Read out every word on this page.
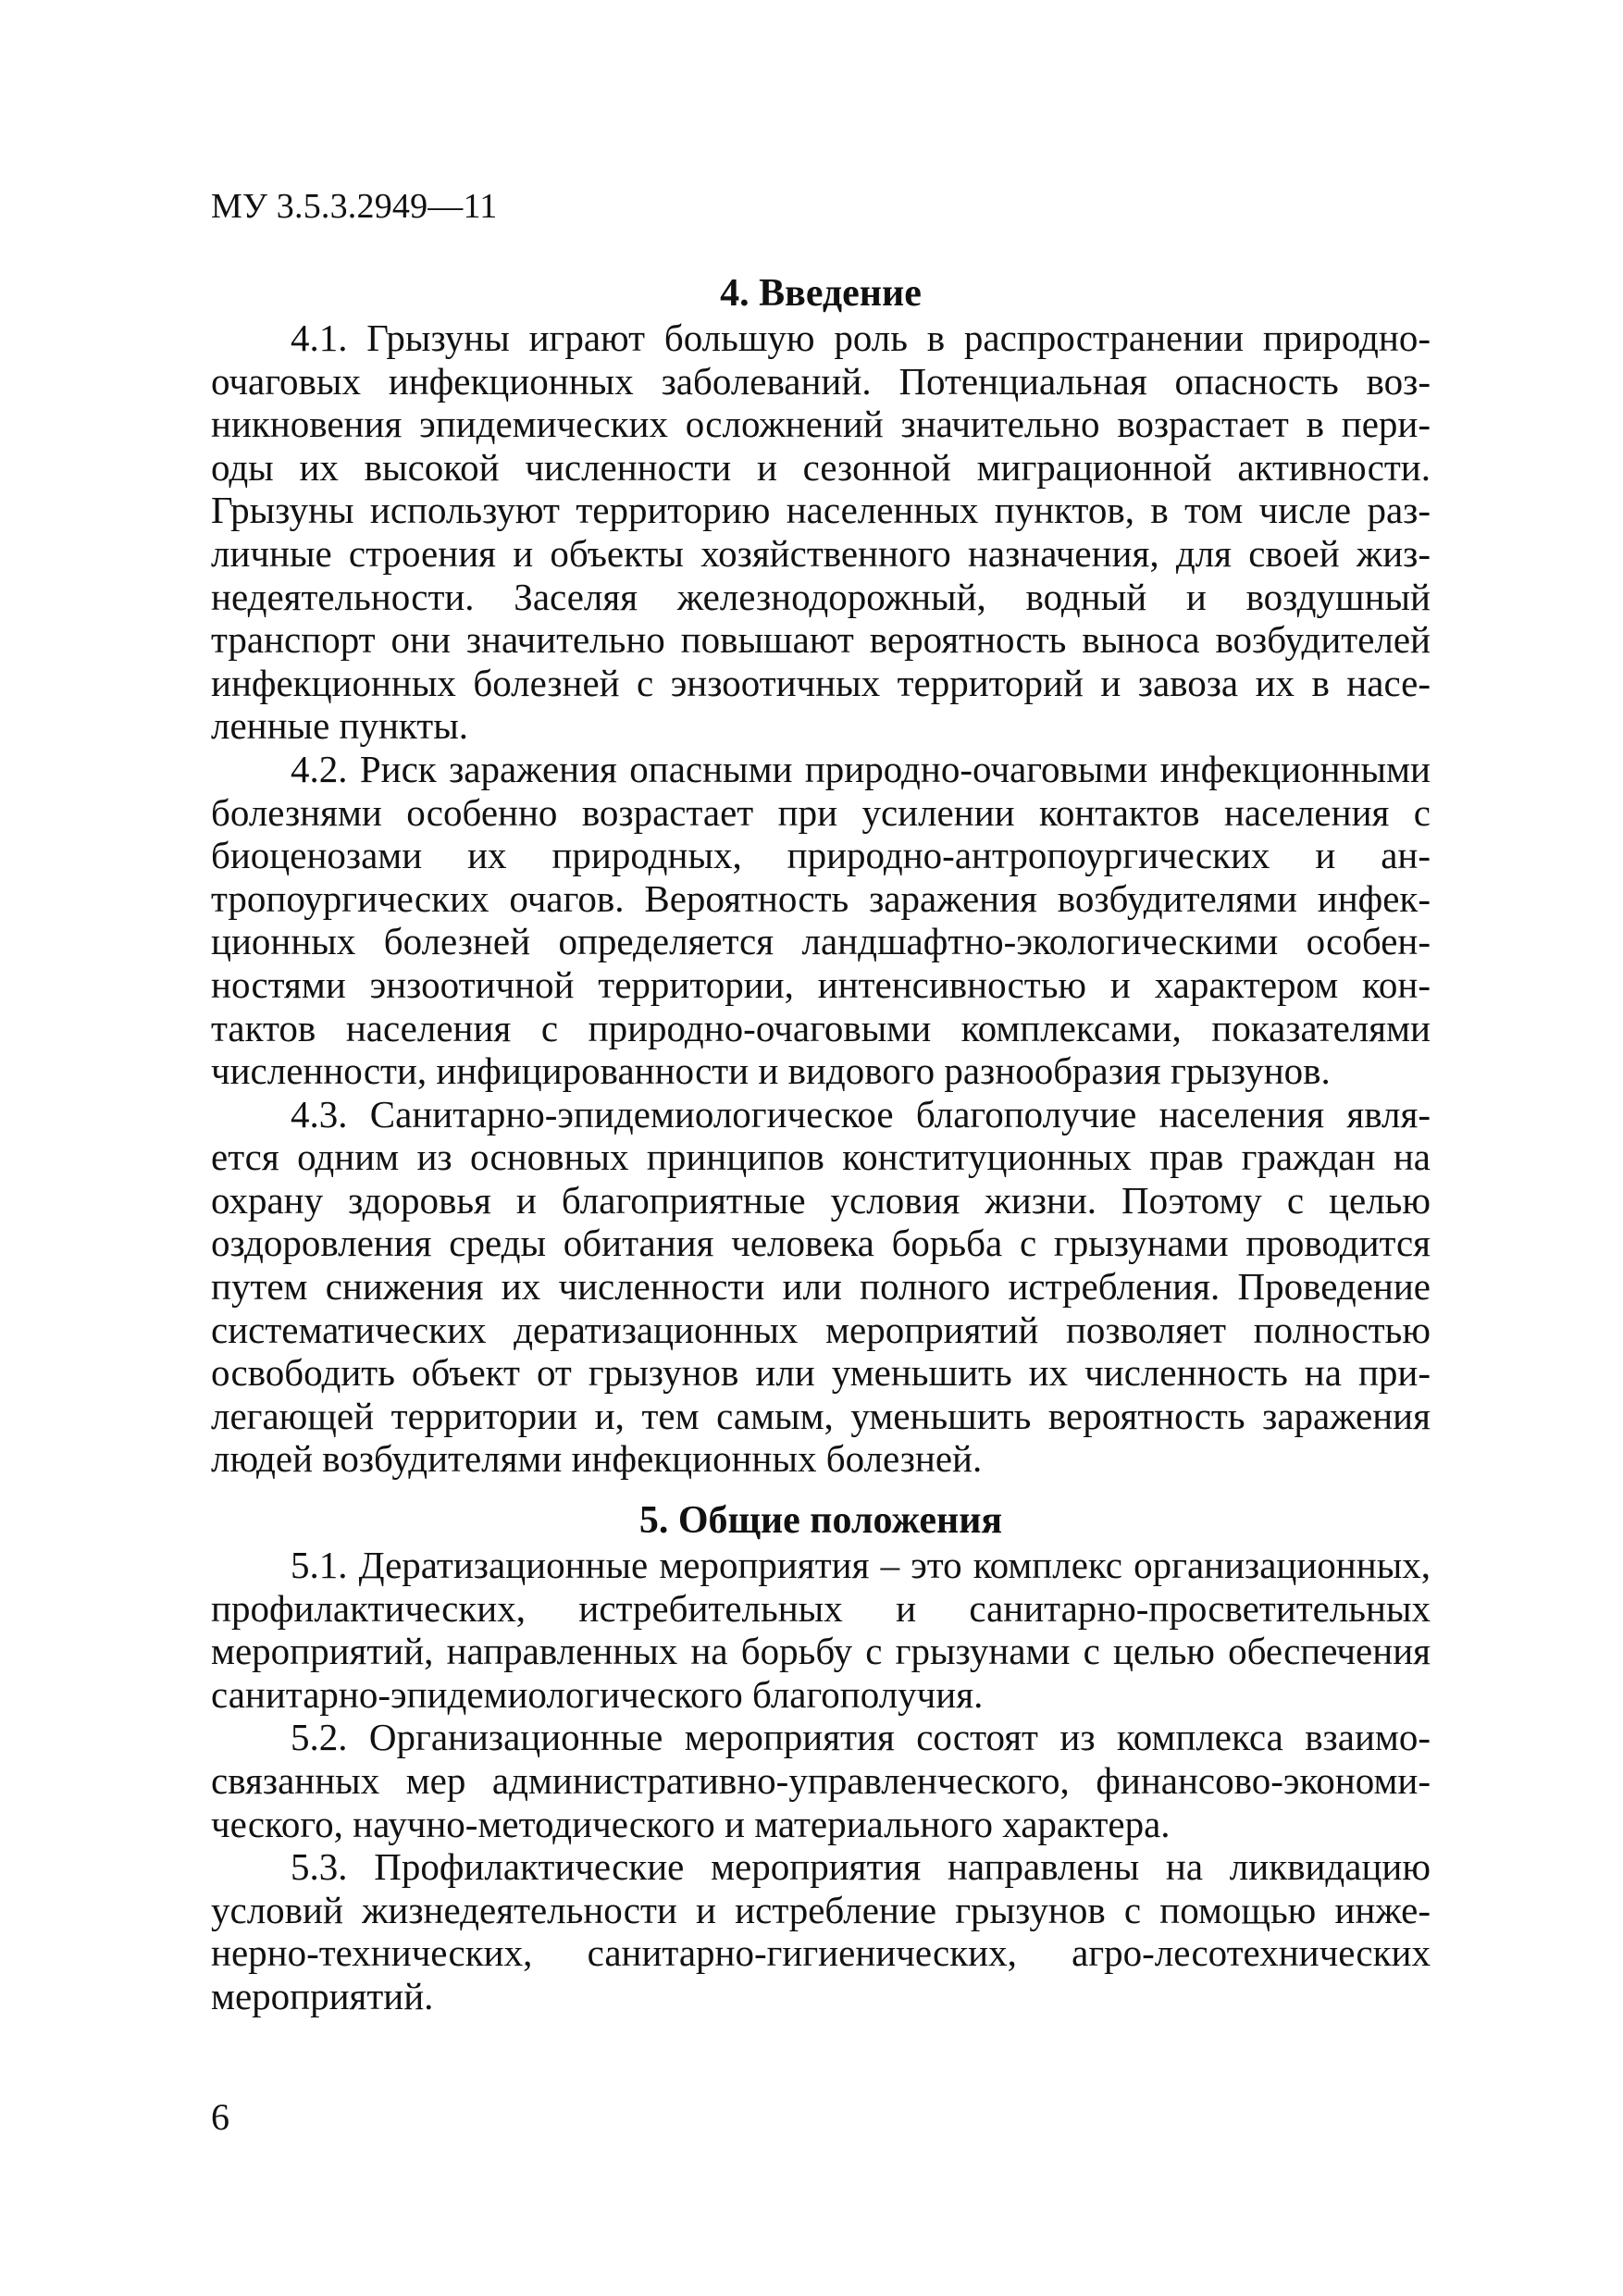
МУ 3.5.3.2949—11
4. Введение

4.1. Грызуны играют большую роль в распространении природноочаговых инфекционных заболеваний. Потенциальная опасность возникновения эпидемических осложнений значительно возрастает в периоды их высокой численности и сезонной миграционной активности. Грызуны используют территорию населенных пунктов, в том числе различные строения и объекты хозяйственного назначения, для своей жизнедеятельности. Заселяя железнодорожный, водный и воздушный транспорт они значительно повышают вероятность выноса возбудителей инфекционных болезней с энзоотичных территорий и завоза их в населенные пункты.

4.2. Риск заражения опасными природно-очаговыми инфекционными болезнями особенно возрастает при усилении контактов населения с биоценозами их природных, природно-антропоургических и антропоургических очагов. Вероятность заражения возбудителями инфекционных болезней определяется ландшафтно-экологическими особенностями энзоотичной территории, интенсивностью и характером контактов населения с природно-очаговыми комплексами, показателями численности, инфицированности и видового разнообразия грызунов.

4.3. Санитарно-эпидемиологическое благополучие населения является одним из основных принципов конституционных прав граждан на охрану здоровья и благоприятные условия жизни. Поэтому с целью оздоровления среды обитания человека борьба с грызунами проводится путем снижения их численности или полного истребления. Проведение систематических дератизационных мероприятий позволяет полностью освободить объект от грызунов или уменьшить их численность на прилегающей территории и, тем самым, уменьшить вероятность заражения людей возбудителями инфекционных болезней.

5. Общие положения

5.1. Дератизационные мероприятия – это комплекс организационных, профилактических, истребительных и санитарно-просветительных мероприятий, направленных на борьбу с грызунами с целью обеспечения санитарно-эпидемиологического благополучия.

5.2. Организационные мероприятия состоят из комплекса взаимосвязанных мер административно-управленческого, финансово-экономического, научно-методического и материального характера.

5.3. Профилактические мероприятия направлены на ликвидацию условий жизнедеятельности и истребление грызунов с помощью инженерно-технических, санитарно-гигиенических, агро-лесотехнических мероприятий.

6
